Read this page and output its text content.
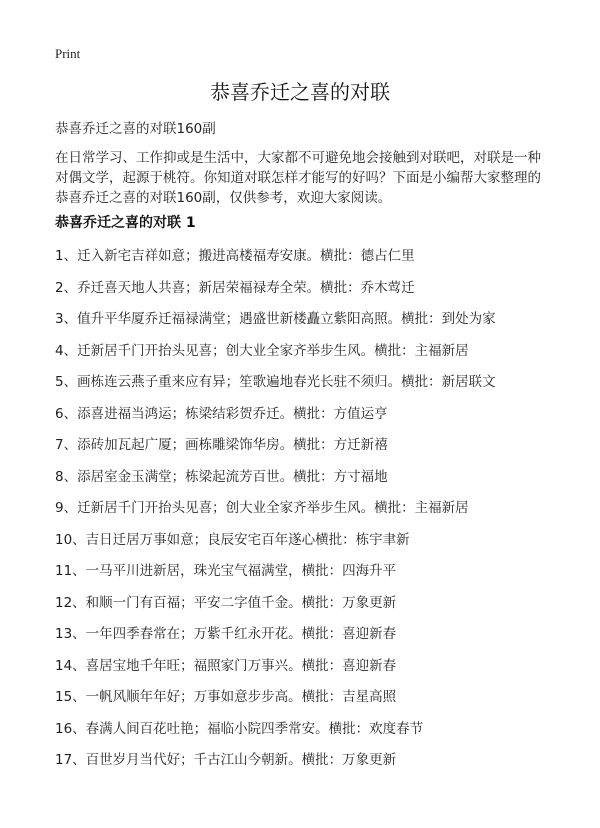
Print
恭喜乔迁之喜的对联

恭喜乔迁之喜的对联160副

在日常学习、工作抑或是生活中，大家都不可避免地会接触到对联吧，对联是一种对偶文学，起源于桃符。你知道对联怎样才能写的好吗？下面是小编帮大家整理的恭喜乔迁之喜的对联160副，仅供参考，欢迎大家阅读。

恭喜乔迁之喜的对联 1
1、迁入新宅吉祥如意；搬进高楼福寿安康。横批：德占仁里
2、乔迁喜天地人共喜；新居荣福禄寿全荣。横批：乔木莺迁
3、值升平华厦乔迁福禄满堂；遇盛世新楼矗立紫阳高照。横批：到处为家
4、迁新居千门开抬头见喜；创大业全家齐举步生风。横批：主福新居
5、画栋连云燕子重来应有异；笙歌遍地春光长驻不须归。横批：新居联文
6、添喜进福当鸿运；栋梁结彩贺乔迁。横批：方值运亨
7、添砖加瓦起广厦；画栋雕梁饰华房。横批：方迁新禧
8、添居室金玉满堂；栋梁起流芳百世。横批：方寸福地
9、迁新居千门开抬头见喜；创大业全家齐举步生风。横批：主福新居
10、吉日迁居万事如意；良辰安宅百年遂心横批：栋宇聿新
11、一马平川进新居，珠光宝气福满堂，横批：四海升平
12、和顺一门有百福；平安二字值千金。横批：万象更新
13、一年四季春常在；万紫千红永开花。横批：喜迎新春
14、喜居宝地千年旺；福照家门万事兴。横批：喜迎新春
15、一帆风顺年年好；万事如意步步高。横批：吉星高照
16、春满人间百花吐艳；福临小院四季常安。横批：欢度春节
17、百世岁月当代好；千古江山今朝新。横批：万象更新
